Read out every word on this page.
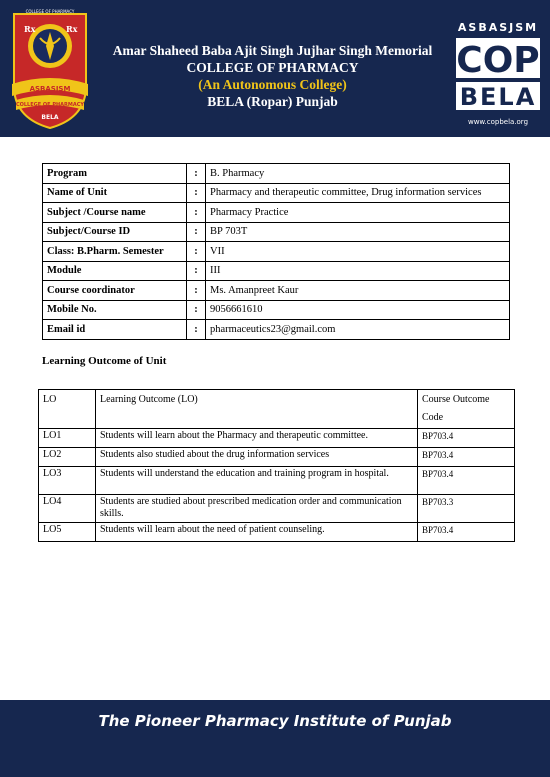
COLLEGE OF PHARMACY
Rx	Rx
ASBASJSM
COLLEGE OF PHARMACY
BELA
Amar Shaheed Baba Ajit Singh Jujhar Singh Memorial
COLLEGE OF PHARMACY
(An Autonomous College)
BELA (Ropar) Punjab
ASBASJSM
COP
BELA
www.copbela.org
Program	:	B. Pharmacy
Name of Unit	:	Pharmacy and therapeutic committee, Drug information services
Subject /Course name	:	Pharmacy Practice
Subject/Course ID	:	BP 703T
Class: B.Pharm. Semester	:	VII
Module	:	III
Course coordinator	:	Ms. Amanpreet Kaur
Mobile No.	:	9056661610
Email id	:	pharmaceutics23@gmail.com
Learning Outcome of Unit
LO	Learning Outcome (LO)	Course Outcome
Code

LO1	Students will learn about the Pharmacy and therapeutic committee.	BP703.4
LO2	Students also studied about the drug information services	BP703.4
LO3	Students will understand the education and training program in hospital.	BP703.4
LO4	Students are studied about prescribed medication order and communication skills.	BP703.3
LO5	Students will learn about the need of patient counseling.	BP703.4
The Pioneer Pharmacy Institute of Punjab
